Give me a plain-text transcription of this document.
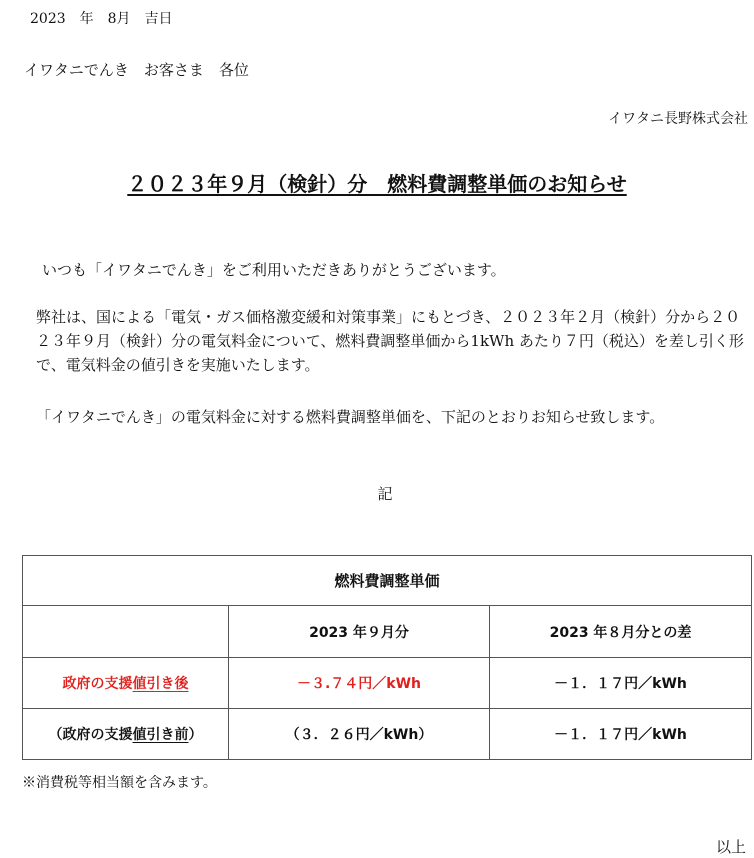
2023　年　8月　吉日
イワタニでんき　お客さま　各位
イワタニ長野株式会社
２０２３年９月（検針）分　燃料費調整単価のお知らせ
いつも「イワタニでんき」をご利用いただきありがとうございます。
弊社は、国による「電気・ガス価格激変緩和対策事業」にもとづき、２０２３年２月（検針）分から２０２３年９月（検針）分の電気料金について、燃料費調整単価から1kWh あたり７円（税込）を差し引く形で、電気料金の値引きを実施いたします。
「イワタニでんき」の電気料金に対する燃料費調整単価を、下記のとおりお知らせ致します。
記
燃料費調整単価		
	2023 年９月分	2023 年８月分との差
政府の支援値引き後	－３.７４円／kWh	－１．１７円／kWh
（政府の支援値引き前）	（３．２６円／kWh）	－１．１７円／kWh
※消費税等相当額を含みます。
以上
